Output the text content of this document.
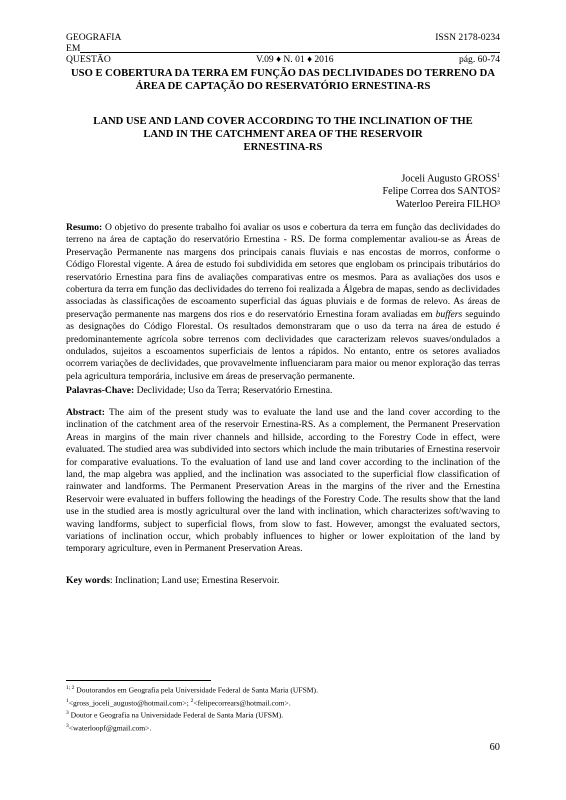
GEOGRAFIA	ISSN 2178-0234
EM
QUESTÃO	V.09 ♦ N. 01 ♦ 2016	pág. 60-74
USO E COBERTURA DA TERRA EM FUNÇÃO DAS DECLIVIDADES DO TERRENO DA ÁREA DE CAPTAÇÃO DO RESERVATÓRIO ERNESTINA-RS
LAND USE AND LAND COVER ACCORDING TO THE INCLINATION OF THE
LAND IN THE CATCHMENT AREA OF THE RESERVOIR
ERNESTINA-RS
Joceli Augusto GROSS$^1$
Felipe Correa dos SANTOS²
Waterloo Pereira FILHO³
Resumo: O objetivo do presente trabalho foi avaliar os usos e cobertura da terra em função das declividades do terreno na área de captação do reservatório Ernestina - RS. De forma complementar avaliou-se as Áreas de Preservação Permanente nas margens dos principais canais fluviais e nas encostas de morros, conforme o Código Florestal vigente. A área de estudo foi subdividida em setores que englobam os principais tributários do reservatório Ernestina para fins de avaliações comparativas entre os mesmos. Para as avaliações dos usos e cobertura da terra em função das declividades do terreno foi realizada a Álgebra de mapas, sendo as declividades associadas às classificações de escoamento superficial das águas pluviais e de formas de relevo. As áreas de preservação permanente nas margens dos rios e do reservatório Ernestina foram avaliadas em buffers seguindo as designações do Código Florestal. Os resultados demonstraram que o uso da terra na área de estudo é predominantemente agrícola sobre terrenos com declividades que caracterizam relevos suaves/ondulados a ondulados, sujeitos a escoamentos superficiais de lentos a rápidos. No entanto, entre os setores avaliados ocorrem variações de declividades, que provavelmente influenciaram para maior ou menor exploração das terras pela agricultura temporária, inclusive em áreas de preservação permanente.
Palavras-Chave: Declividade; Uso da Terra; Reservatório Ernestina.
Abstract: The aim of the present study was to evaluate the land use and the land cover according to the inclination of the catchment area of the reservoir Ernestina-RS. As a complement, the Permanent Preservation Areas in margins of the main river channels and hillside, according to the Forestry Code in effect, were evaluated. The studied area was subdivided into sectors which include the main tributaries of Ernestina reservoir for comparative evaluations. To the evaluation of land use and land cover according to the inclination of the land, the map algebra was applied, and the inclination was associated to the superficial flow classification of rainwater and landforms. The Permanent Preservation Areas in the margins of the river and the Ernestina Reservoir were evaluated in buffers following the headings of the Forestry Code. The results show that the land use in the studied area is mostly agricultural over the land with inclination, which characterizes soft/waving to waving landforms, subject to superficial flows, from slow to fast. However, amongst the evaluated sectors, variations of inclination occur, which probably influences to higher or lower exploitation of the land by temporary agriculture, even in Permanent Preservation Areas.
Key words: Inclination; Land use; Ernestina Reservoir.
$^{1; 2}$ Doutorandos em Geografia pela Universidade Federal de Santa Maria (UFSM).
$^1$<gross_joceli_augusto@hotmail.com>; $^2$<felipecorrears@hotmail.com>.
$^3$ Doutor e Geografia na Universidade Federal de Santa Maria (UFSM).
$^3$<waterloopf@gmail.com>.
60
